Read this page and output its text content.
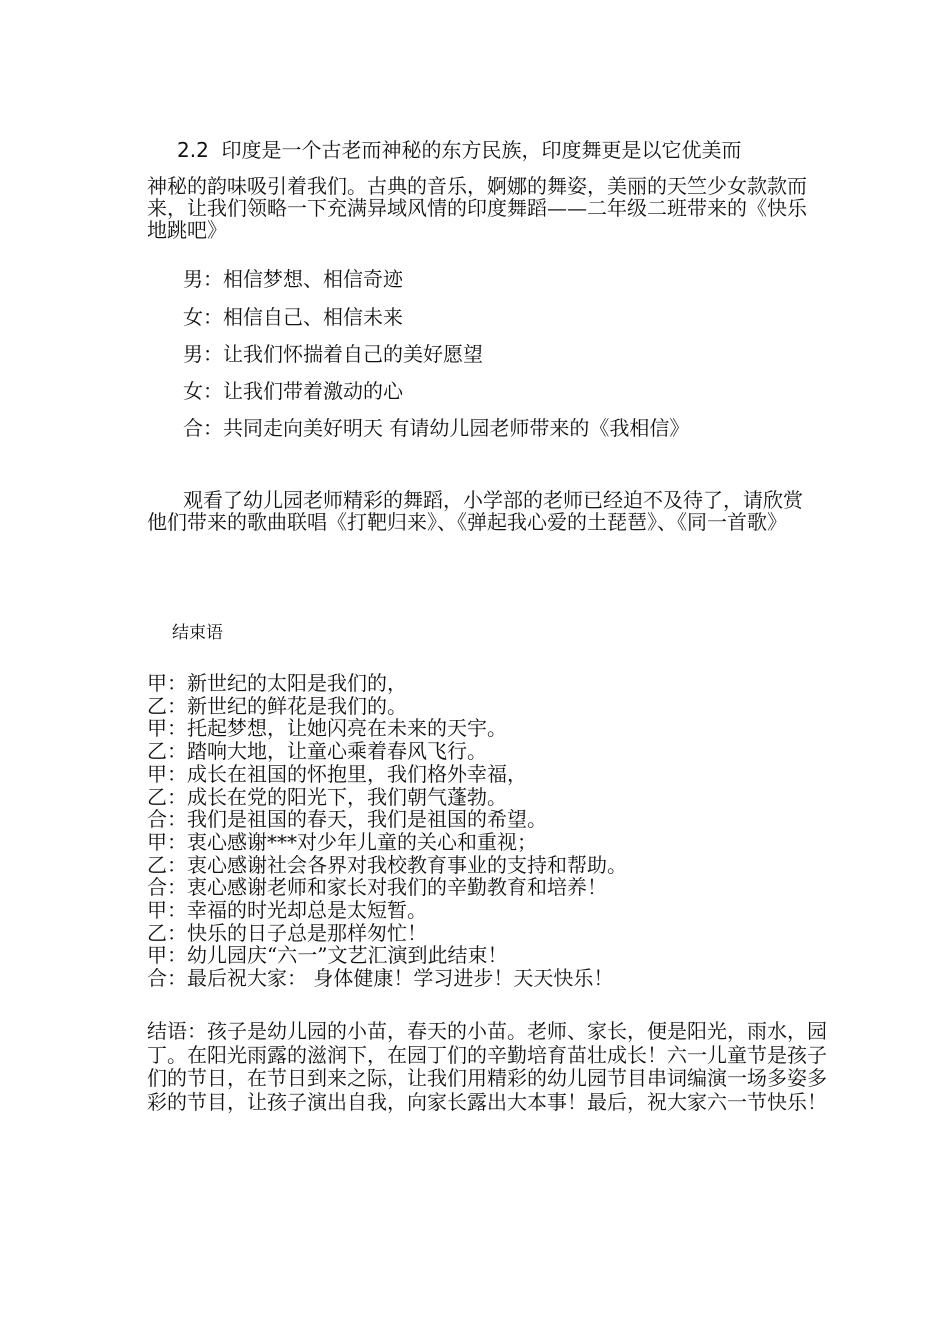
2.2 印度是一个古老而神秘的东方民族，印度舞更是以它优美而
神秘的韵味吸引着我们。古典的音乐，婀娜的舞姿，美丽的天竺少女款款而来，让我们领略一下充满异域风情的印度舞蹈——二年级二班带来的《快乐地跳吧》

男：相信梦想、相信奇迹

女：相信自己、相信未来

男：让我们怀揣着自己的美好愿望

女：让我们带着激动的心

合：共同走向美好明天 有请幼儿园老师带来的《我相信》

观看了幼儿园老师精彩的舞蹈，小学部的老师已经迫不及待了，请欣赏他们带来的歌曲联唱《打靶归来》、《弹起我心爱的土琵琶》、《同一首歌》

结束语

甲：新世纪的太阳是我们的，
乙：新世纪的鲜花是我们的。
甲：托起梦想，让她闪亮在未来的天宇。
乙：踏响大地，让童心乘着春风飞行。
甲：成长在祖国的怀抱里，我们格外幸福，
乙：成长在党的阳光下，我们朝气蓬勃。
合：我们是祖国的春天，我们是祖国的希望。
甲：衷心感谢***对少年儿童的关心和重视；
乙：衷心感谢社会各界对我校教育事业的支持和帮助。
合：衷心感谢老师和家长对我们的辛勤教育和培养！
甲：幸福的时光却总是太短暂。
乙：快乐的日子总是那样匆忙！
甲：幼儿园庆“六一”文艺汇演到此结束！
合：最后祝大家： 身体健康！学习进步！天天快乐！

结语：孩子是幼儿园的小苗，春天的小苗。老师、家长，便是阳光，雨水，园丁。在阳光雨露的滋润下，在园丁们的辛勤培育苗壮成长！六一儿童节是孩子们的节日，在节日到来之际，让我们用精彩的幼儿园节目串词编演一场多姿多彩的节目，让孩子演出自我，向家长露出大本事！最后，祝大家六一节快乐！
